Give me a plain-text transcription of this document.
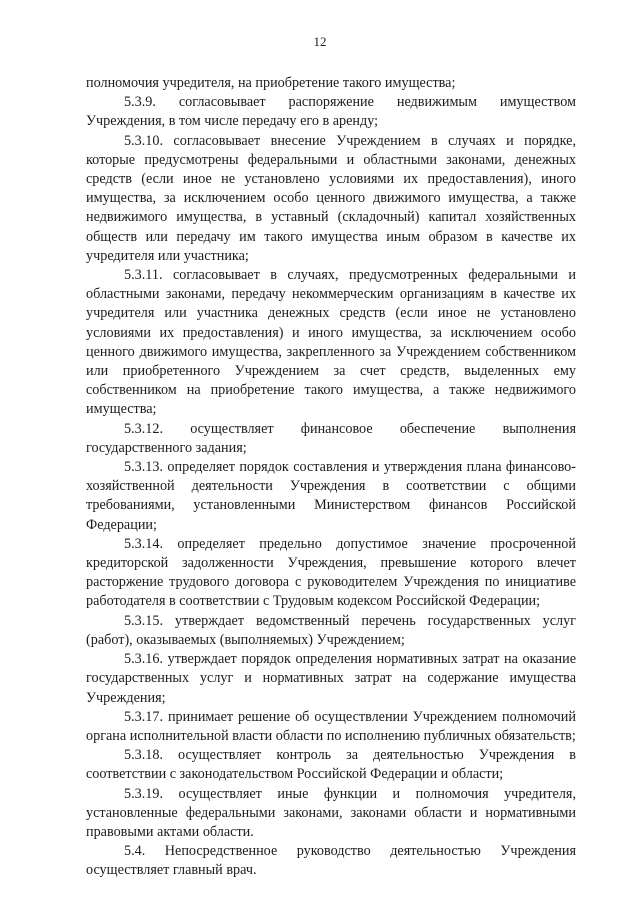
12

полномочия учредителя, на приобретение такого имущества;

5.3.9. согласовывает распоряжение недвижимым имуществом Учреждения, в том числе передачу его в аренду;

5.3.10. согласовывает внесение Учреждением в случаях и порядке, которые предусмотрены федеральными и областными законами, денежных средств (если иное не установлено условиями их предоставления), иного имущества, за исключением особо ценного движимого имущества, а также недвижимого имущества, в уставный (складочный) капитал хозяйственных обществ или передачу им такого имущества иным образом в качестве их учредителя или участника;

5.3.11. согласовывает в случаях, предусмотренных федеральными и областными законами, передачу некоммерческим организациям в качестве их учредителя или участника денежных средств (если иное не установлено условиями их предоставления) и иного имущества, за исключением особо ценного движимого имущества, закрепленного за Учреждением собственником или приобретенного Учреждением за счет средств, выделенных ему собственником на приобретение такого имущества, а также недвижимого имущества;

5.3.12. осуществляет финансовое обеспечение выполнения государственного задания;

5.3.13. определяет порядок составления и утверждения плана финансово-хозяйственной деятельности Учреждения в соответствии с общими требованиями, установленными Министерством финансов Российской Федерации;

5.3.14. определяет предельно допустимое значение просроченной кредиторской задолженности Учреждения, превышение которого влечет расторжение трудового договора с руководителем Учреждения по инициативе работодателя в соответствии с Трудовым кодексом Российской Федерации;

5.3.15. утверждает ведомственный перечень государственных услуг (работ), оказываемых (выполняемых) Учреждением;

5.3.16. утверждает порядок определения нормативных затрат на оказание государственных услуг и нормативных затрат на содержание имущества Учреждения;

5.3.17. принимает решение об осуществлении Учреждением полномочий органа исполнительной власти области по исполнению публичных обязательств;

5.3.18. осуществляет контроль за деятельностью Учреждения в соответствии с законодательством Российской Федерации и области;

5.3.19. осуществляет иные функции и полномочия учредителя, установленные федеральными законами, законами области и нормативными правовыми актами области.

5.4. Непосредственное руководство деятельностью Учреждения осуществляет главный врач.
